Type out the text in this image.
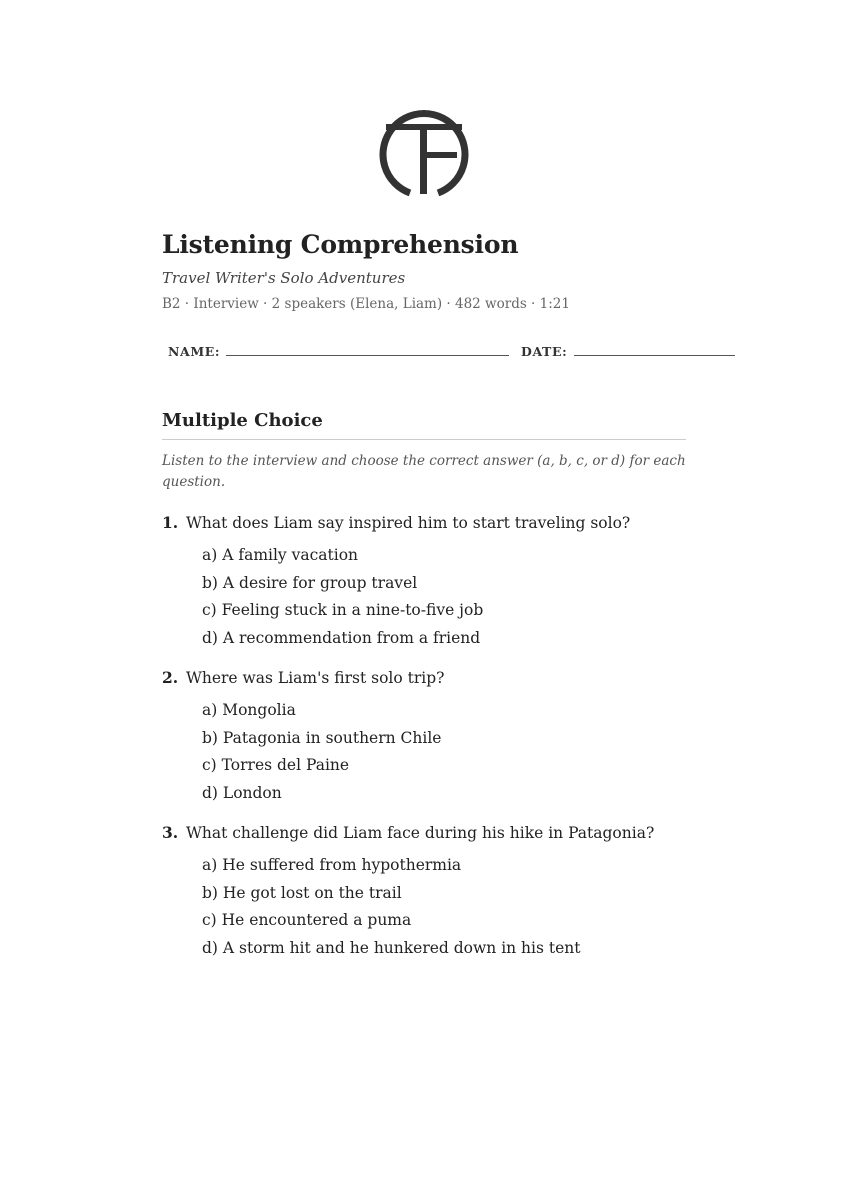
Listening Comprehension
Travel Writer's Solo Adventures
B2 · Interview · 2 speakers (Elena, Liam) · 482 words · 1:21
NAME:	DATE:
Multiple Choice
Listen to the interview and choose the correct answer (a, b, c, or d) for each question.
1. What does Liam say inspired him to start traveling solo?
a) A family vacation
b) A desire for group travel
c) Feeling stuck in a nine-to-five job
d) A recommendation from a friend
2. Where was Liam's first solo trip?
a) Mongolia
b) Patagonia in southern Chile
c) Torres del Paine
d) London
3. What challenge did Liam face during his hike in Patagonia?
a) He suffered from hypothermia
b) He got lost on the trail
c) He encountered a puma
d) A storm hit and he hunkered down in his tent
